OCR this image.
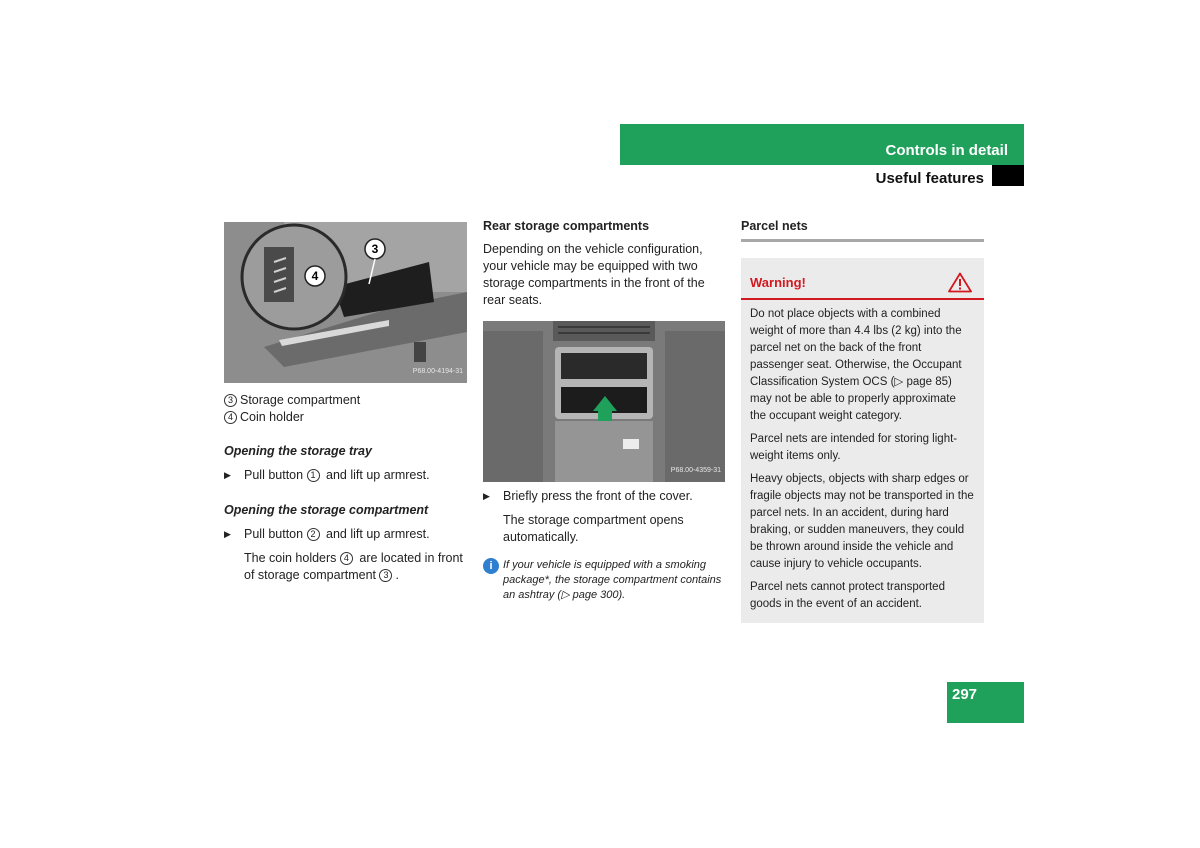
Controls in detail
Useful features
4
3
P68.00-4194-31
3 Storage compartment
4 Coin holder
Opening the storage tray
▶	Pull button 1 and lift up armrest.
Opening the storage compartment
▶	Pull button 2 and lift up armrest.
The coin holders 4 are located in front of storage compartment 3 .
Rear storage compartments
Depending on the vehicle configuration, your vehicle may be equipped with two storage compartments in the front of the rear seats.
P68.00-4359-31
▶	Briefly press the front of the cover.
The storage compartment opens automatically.
i If your vehicle is equipped with a smoking package*, the storage compartment contains an ashtray (▷ page 300).
Parcel nets
Warning!

Do not place objects with a combined weight of more than 4.4 lbs (2 kg) into the parcel net on the back of the front passenger seat. Otherwise, the Occupant Classification System OCS (▷ page 85) may not be able to properly approximate the occupant weight category.

Parcel nets are intended for storing light-weight items only.

Heavy objects, objects with sharp edges or fragile objects may not be transported in the parcel nets. In an accident, during hard braking, or sudden maneuvers, they could be thrown around inside the vehicle and cause injury to vehicle occupants.

Parcel nets cannot protect transported goods in the event of an accident.

297
